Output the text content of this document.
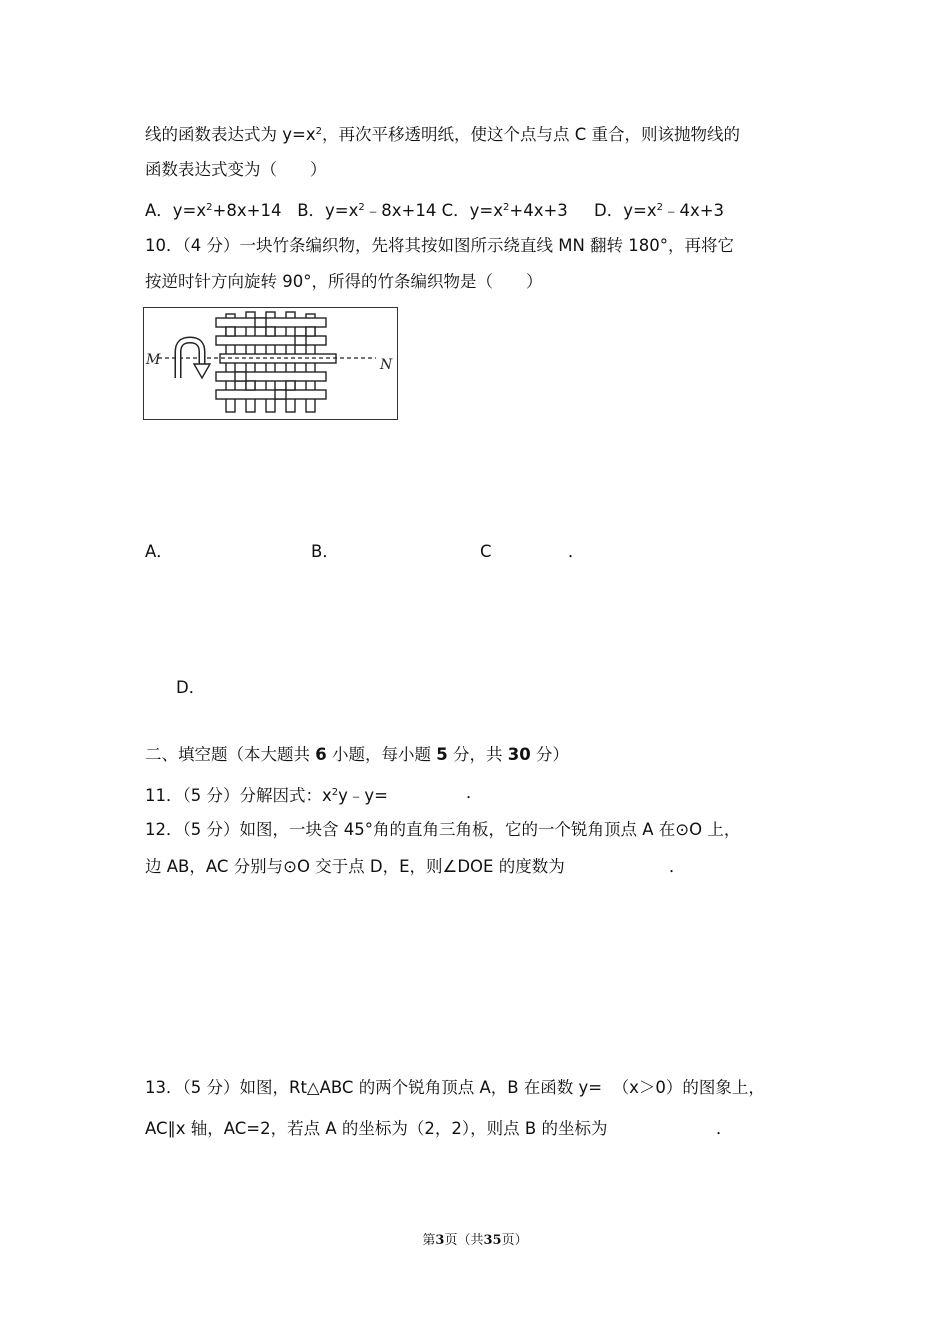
线的函数表达式为 $y=x^2$，再次平移透明纸，使这个点与点 C 重合，则该抛物线的
函数表达式变为（　　）
A．$y=x^2+8x+14$ B．$y=x^2﹣8x+14$ C．$y=x^2+4x+3$ D．$y=x^2﹣4x+3$
10．（4 分）一块竹条编织物，先将其按如图所示绕直线 MN 翻转 180°，再将它
按逆时针方向旋转 90°，所得的竹条编织物是（　　）
M	N
A．	B．	C	．
D．
二、填空题（本大题共 6 小题，每小题 5 分，共 30 分）
11．（5 分）分解因式：$x^2y﹣y=$	．
12．（5 分）如图，一块含 45°角的直角三角板，它的一个锐角顶点 A 在⊙O 上，
边 AB，AC 分别与⊙O 交于点 D，E，则∠DOE 的度数为	．
13．（5 分）如图，Rt△ABC 的两个锐角顶点 A，B 在函数 y= （x＞0）的图象上，
AC∥x 轴，AC=2，若点 A 的坐标为（2，2），则点 B 的坐标为	．
第3页（共35页）
